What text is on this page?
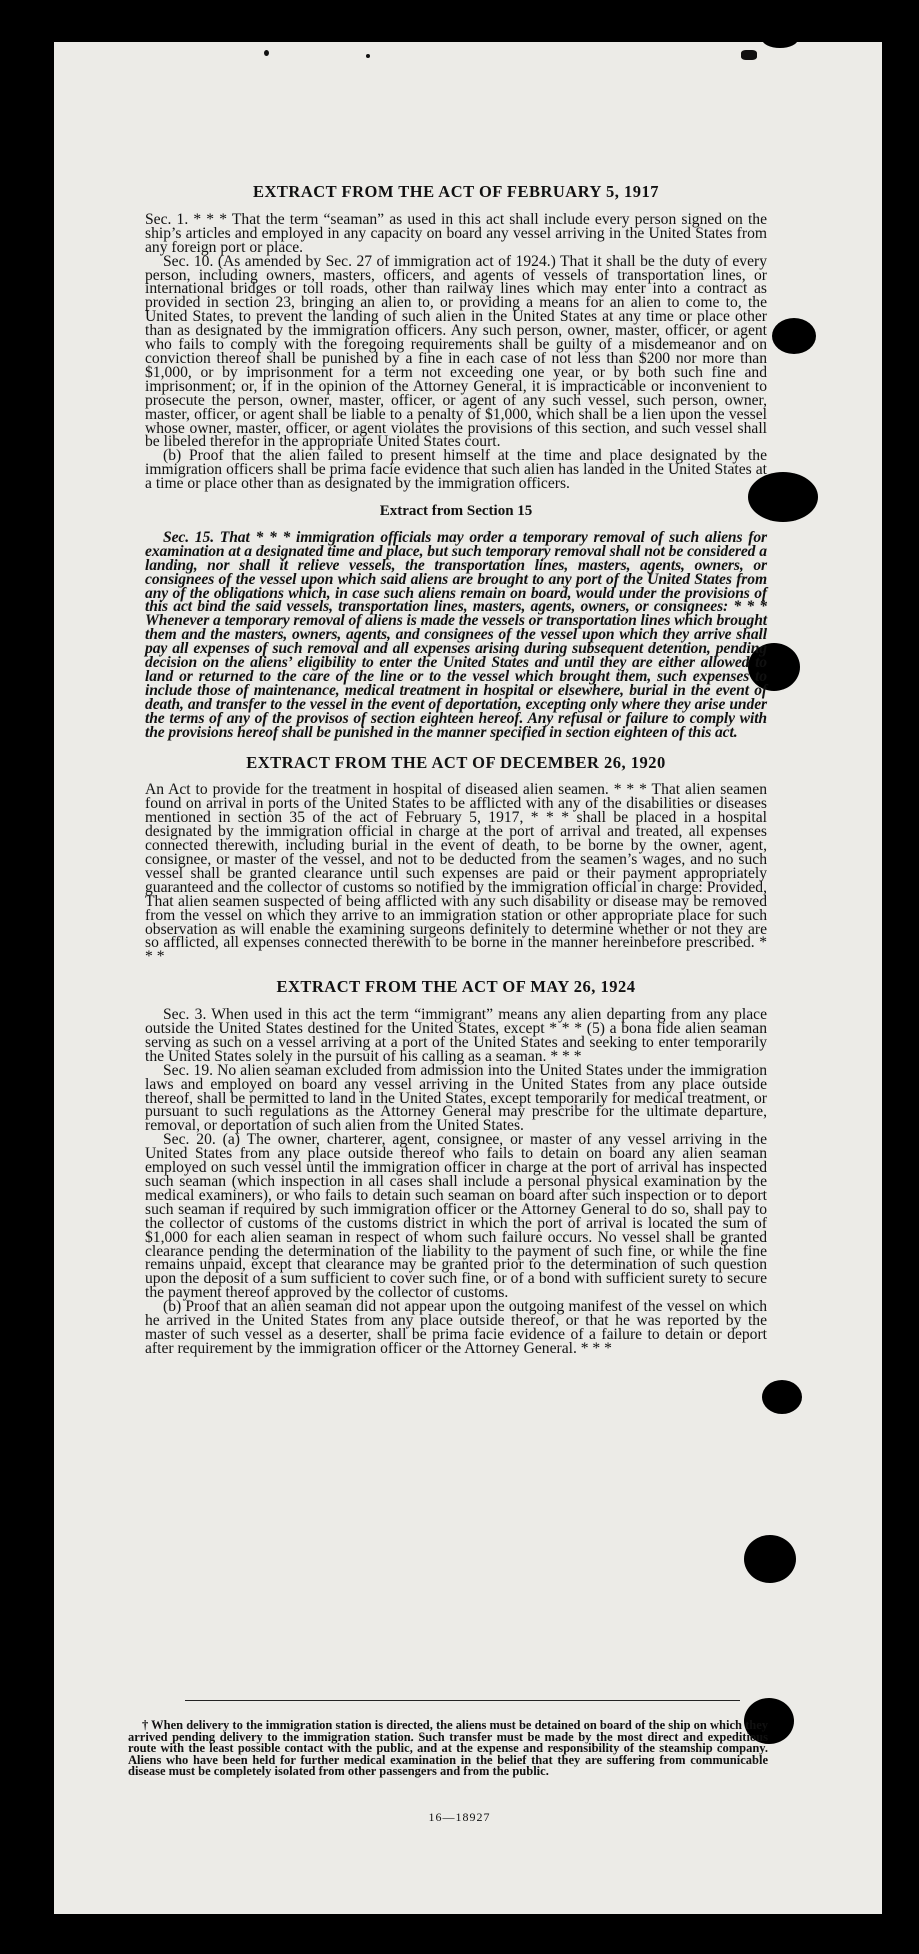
EXTRACT FROM THE ACT OF FEBRUARY 5, 1917

Sec. 1. * * * That the term “seaman” as used in this act shall include every person signed on the ship’s articles and employed in any capacity on board any vessel arriving in the United States from any foreign port or place.

Sec. 10. (As amended by Sec. 27 of immigration act of 1924.) That it shall be the duty of every person, including owners, masters, officers, and agents of vessels of transportation lines, or international bridges or toll roads, other than railway lines which may enter into a contract as provided in section 23, bringing an alien to, or providing a means for an alien to come to, the United States, to prevent the landing of such alien in the United States at any time or place other than as designated by the immigration officers. Any such person, owner, master, officer, or agent who fails to comply with the foregoing requirements shall be guilty of a misdemeanor and on conviction thereof shall be punished by a fine in each case of not less than $200 nor more than $1,000, or by imprisonment for a term not exceeding one year, or by both such fine and imprisonment; or, if in the opinion of the Attorney General, it is impracticable or inconvenient to prosecute the person, owner, master, officer, or agent of any such vessel, such person, owner, master, officer, or agent shall be liable to a penalty of $1,000, which shall be a lien upon the vessel whose owner, master, officer, or agent violates the provisions of this section, and such vessel shall be libeled therefor in the appropriate United States court.

(b) Proof that the alien failed to present himself at the time and place designated by the immigration officers shall be prima facie evidence that such alien has landed in the United States at a time or place other than as designated by the immigration officers.

Extract from Section 15

Sec. 15. That * * * immigration officials may order a temporary removal of such aliens for examination at a designated time and place, but such temporary removal shall not be considered a landing, nor shall it relieve vessels, the transportation lines, masters, agents, owners, or consignees of the vessel upon which said aliens are brought to any port of the United States from any of the obligations which, in case such aliens remain on board, would under the provisions of this act bind the said vessels, transportation lines, masters, agents, owners, or consignees: * * * Whenever a temporary removal of aliens is made the vessels or transportation lines which brought them and the masters, owners, agents, and consignees of the vessel upon which they arrive shall pay all expenses of such removal and all expenses arising during subsequent detention, pending decision on the aliens’ eligibility to enter the United States and until they are either allowed to land or returned to the care of the line or to the vessel which brought them, such expenses to include those of maintenance, medical treatment in hospital or elsewhere, burial in the event of death, and transfer to the vessel in the event of deportation, excepting only where they arise under the terms of any of the provisos of section eighteen hereof. Any refusal or failure to comply with the provisions hereof shall be punished in the manner specified in section eighteen of this act.

EXTRACT FROM THE ACT OF DECEMBER 26, 1920

An Act to provide for the treatment in hospital of diseased alien seamen. * * * That alien seamen found on arrival in ports of the United States to be afflicted with any of the disabilities or diseases mentioned in section 35 of the act of February 5, 1917, * * * shall be placed in a hospital designated by the immigration official in charge at the port of arrival and treated, all expenses connected therewith, including burial in the event of death, to be borne by the owner, agent, consignee, or master of the vessel, and not to be deducted from the seamen’s wages, and no such vessel shall be granted clearance until such expenses are paid or their payment appropriately guaranteed and the collector of customs so notified by the immigration official in charge: Provided, That alien seamen suspected of being afflicted with any such disability or disease may be removed from the vessel on which they arrive to an immigration station or other appropriate place for such observation as will enable the examining surgeons definitely to determine whether or not they are so afflicted, all expenses connected therewith to be borne in the manner hereinbefore prescribed. * * *

EXTRACT FROM THE ACT OF MAY 26, 1924

Sec. 3. When used in this act the term “immigrant” means any alien departing from any place outside the United States destined for the United States, except * * * (5) a bona fide alien seaman serving as such on a vessel arriving at a port of the United States and seeking to enter temporarily the United States solely in the pursuit of his calling as a seaman. * * *

Sec. 19. No alien seaman excluded from admission into the United States under the immigration laws and employed on board any vessel arriving in the United States from any place outside thereof, shall be permitted to land in the United States, except temporarily for medical treatment, or pursuant to such regulations as the Attorney General may prescribe for the ultimate departure, removal, or deportation of such alien from the United States.

Sec. 20. (a) The owner, charterer, agent, consignee, or master of any vessel arriving in the United States from any place outside thereof who fails to detain on board any alien seaman employed on such vessel until the immigration officer in charge at the port of arrival has inspected such seaman (which inspection in all cases shall include a personal physical examination by the medical examiners), or who fails to detain such seaman on board after such inspection or to deport such seaman if required by such immigration officer or the Attorney General to do so, shall pay to the collector of customs of the customs district in which the port of arrival is located the sum of $1,000 for each alien seaman in respect of whom such failure occurs. No vessel shall be granted clearance pending the determination of the liability to the payment of such fine, or while the fine remains unpaid, except that clearance may be granted prior to the determination of such question upon the deposit of a sum sufficient to cover such fine, or of a bond with sufficient surety to secure the payment thereof approved by the collector of customs.

(b) Proof that an alien seaman did not appear upon the outgoing manifest of the vessel on which he arrived in the United States from any place outside thereof, or that he was reported by the master of such vessel as a deserter, shall be prima facie evidence of a failure to detain or deport after requirement by the immigration officer or the Attorney General. * * *

† When delivery to the immigration station is directed, the aliens must be detained on board of the ship on which they arrived pending delivery to the immigration station. Such transfer must be made by the most direct and expeditious route with the least possible contact with the public, and at the expense and responsibility of the steamship company. Aliens who have been held for further medical examination in the belief that they are suffering from communicable disease must be completely isolated from other passengers and from the public.

16—18927
